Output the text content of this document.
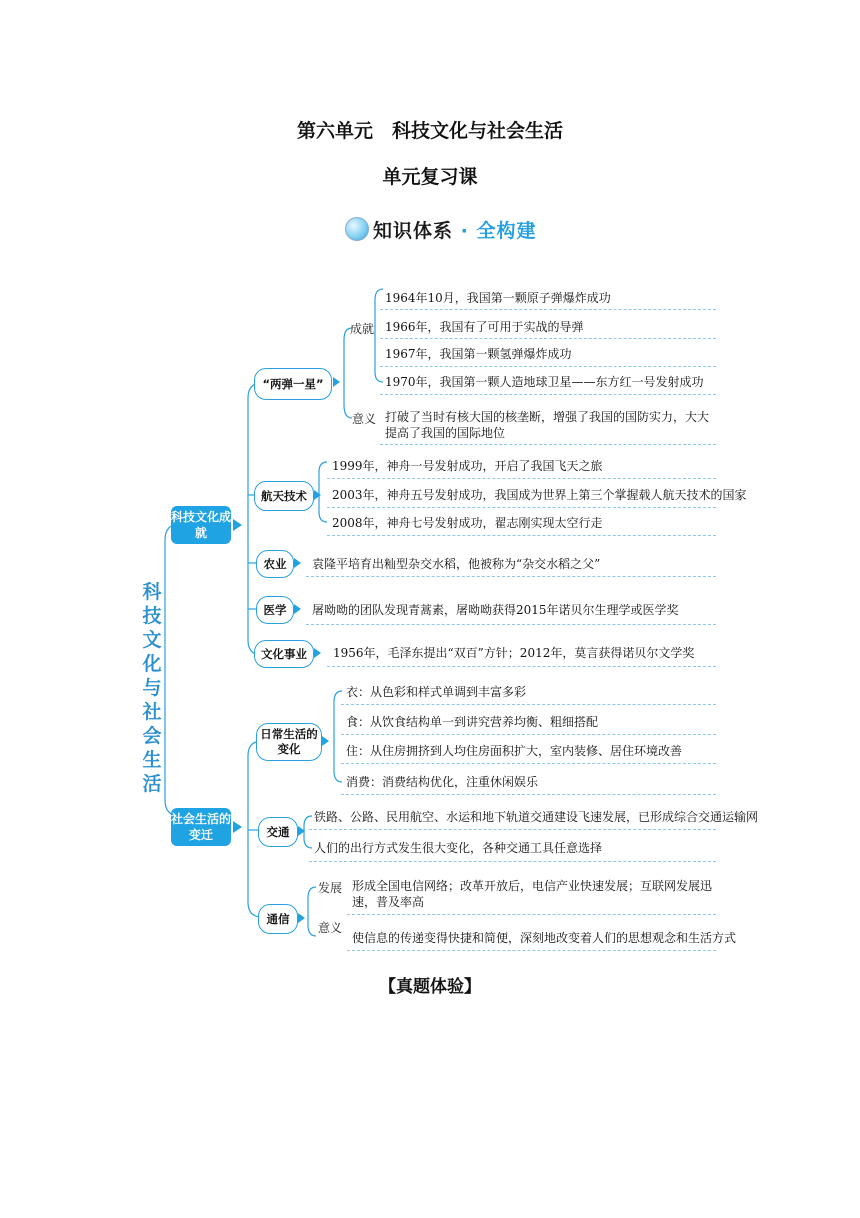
第六单元　科技文化与社会生活
单元复习课
知识体系 · 全构建
科技文化与社会生活
科技文化成就
社会生活的变迁
“两弹一星”
成就
意义
1964年10月，我国第一颗原子弹爆炸成功
1966年，我国有了可用于实战的导弹
1967年，我国第一颗氢弹爆炸成功
1970年，我国第一颗人造地球卫星——东方红一号发射成功
打破了当时有核大国的核垄断，增强了我国的国防实力，大大提高了我国的国际地位
航天技术
1999年，神舟一号发射成功，开启了我国飞天之旅
2003年，神舟五号发射成功，我国成为世界上第三个掌握载人航天技术的国家
2008年，神舟七号发射成功，翟志刚实现太空行走
农业	袁隆平培育出籼型杂交水稻，他被称为“杂交水稻之父”
医学	屠呦呦的团队发现青蒿素，屠呦呦获得2015年诺贝尔生理学或医学奖
文化事业	1956年，毛泽东提出“双百”方针；2012年，莫言获得诺贝尔文学奖
日常生活的变化
衣：从色彩和样式单调到丰富多彩
食：从饮食结构单一到讲究营养均衡、粗细搭配
住：从住房拥挤到人均住房面积扩大，室内装修、居住环境改善
消费：消费结构优化，注重休闲娱乐
交通
铁路、公路、民用航空、水运和地下轨道交通建设飞速发展，已形成综合交通运输网
人们的出行方式发生很大变化，各种交通工具任意选择
通信
发展
意义
形成全国电信网络；改革开放后，电信产业快速发展；互联网发展迅速，普及率高
使信息的传递变得快捷和简便，深刻地改变着人们的思想观念和生活方式
【真题体验】
